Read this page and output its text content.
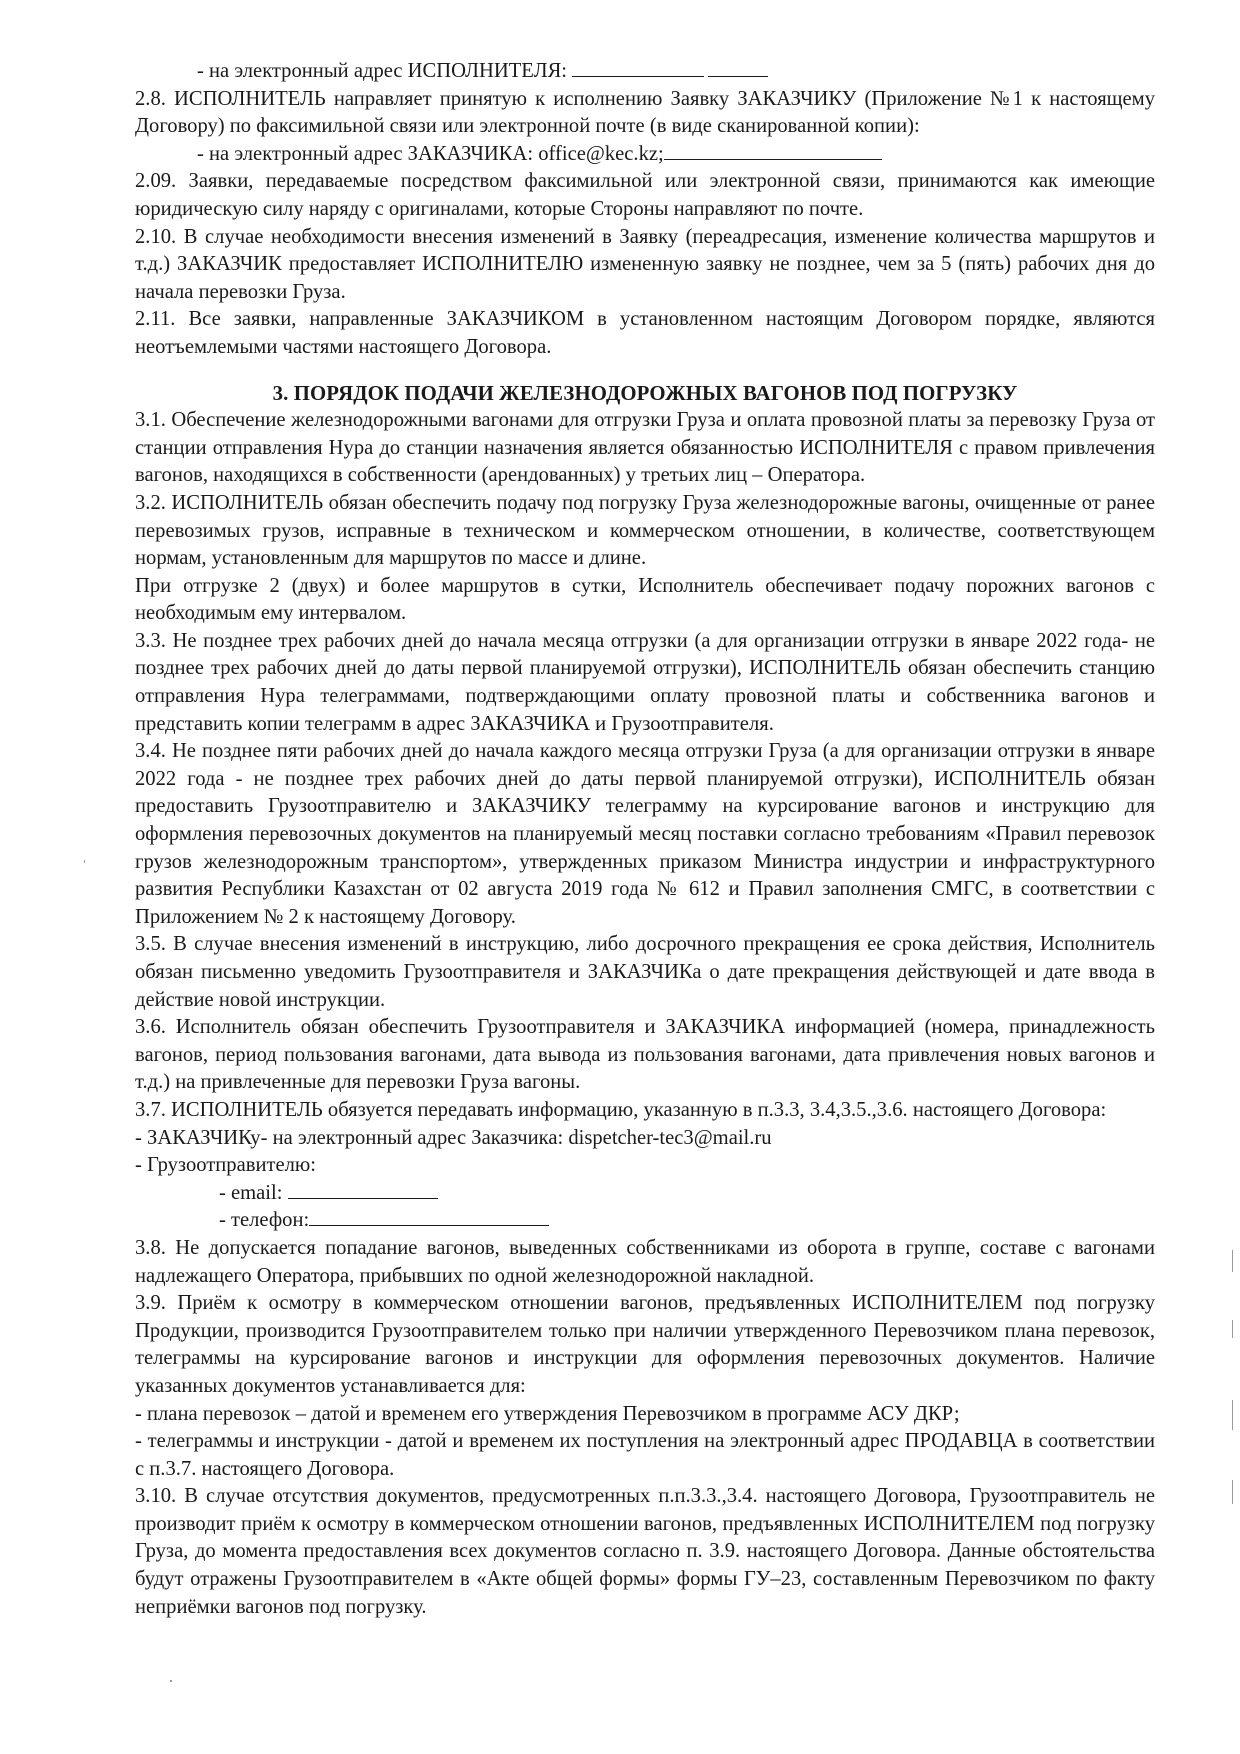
- на электронный адрес ИСПОЛНИТЕЛЯ:

2.8. ИСПОЛНИТЕЛЬ направляет принятую к исполнению Заявку ЗАКАЗЧИКУ (Приложение №1 к настоящему Договору) по факсимильной связи или электронной почте (в виде сканированной копии):

- на электронный адрес ЗАКАЗЧИКА: office@kec.kz;

2.09. Заявки, передаваемые посредством факсимильной или электронной связи, принимаются как имеющие юридическую силу наряду с оригиналами, которые Стороны направляют по почте.

2.10. В случае необходимости внесения изменений в Заявку (переадресация, изменение количества маршрутов и т.д.) ЗАКАЗЧИК предоставляет ИСПОЛНИТЕЛЮ измененную заявку не позднее, чем за 5 (пять) рабочих дня до начала перевозки Груза.

2.11. Все заявки, направленные ЗАКАЗЧИКОМ в установленном настоящим Договором порядке, являются неотъемлемыми частями настоящего Договора.

3. ПОРЯДОК ПОДАЧИ ЖЕЛЕЗНОДОРОЖНЫХ ВАГОНОВ ПОД ПОГРУЗКУ

3.1. Обеспечение железнодорожными вагонами для отгрузки Груза и оплата провозной платы за перевозку Груза от станции отправления Нура до станции назначения является обязанностью ИСПОЛНИТЕЛЯ с правом привлечения вагонов, находящихся в собственности (арендованных) у третьих лиц – Оператора.

3.2. ИСПОЛНИТЕЛЬ обязан обеспечить подачу под погрузку Груза железнодорожные вагоны, очищенные от ранее перевозимых грузов, исправные в техническом и коммерческом отношении, в количестве, соответствующем нормам, установленным для маршрутов по массе и длине.

При отгрузке 2 (двух) и более маршрутов в сутки, Исполнитель обеспечивает подачу порожних вагонов с необходимым ему интервалом.

3.3. Не позднее трех рабочих дней до начала месяца отгрузки (а для организации отгрузки в январе 2022 года- не позднее трех рабочих дней до даты первой планируемой отгрузки), ИСПОЛНИТЕЛЬ обязан обеспечить станцию отправления Нура телеграммами, подтверждающими оплату провозной платы и собственника вагонов и представить копии телеграмм в адрес ЗАКАЗЧИКА и Грузоотправителя.

3.4. Не позднее пяти рабочих дней до начала каждого месяца отгрузки Груза (а для организации отгрузки в январе 2022 года - не позднее трех рабочих дней до даты первой планируемой отгрузки), ИСПОЛНИТЕЛЬ обязан предоставить Грузоотправителю и ЗАКАЗЧИКУ телеграмму на курсирование вагонов и инструкцию для оформления перевозочных документов на планируемый месяц поставки согласно требованиям «Правил перевозок грузов железнодорожным транспортом», утвержденных приказом Министра индустрии и инфраструктурного развития Республики Казахстан от 02 августа 2019 года № 612 и Правил заполнения СМГС, в соответствии с Приложением № 2 к настоящему Договору.

3.5. В случае внесения изменений в инструкцию, либо досрочного прекращения ее срока действия, Исполнитель обязан письменно уведомить Грузоотправителя и ЗАКАЗЧИКа о дате прекращения действующей и дате ввода в действие новой инструкции.

3.6. Исполнитель обязан обеспечить Грузоотправителя и ЗАКАЗЧИКА информацией (номера, принадлежность вагонов, период пользования вагонами, дата вывода из пользования вагонами, дата привлечения новых вагонов и т.д.) на привлеченные для перевозки Груза вагоны.

3.7. ИСПОЛНИТЕЛЬ обязуется передавать информацию, указанную в п.3.3, 3.4,3.5.,3.6. настоящего Договора:

- ЗАКАЗЧИКу- на электронный адрес Заказчика: dispetcher-tec3@mail.ru

- Грузоотправителю:

- email:

- телефон:

3.8. Не допускается попадание вагонов, выведенных собственниками из оборота в группе, составе с вагонами надлежащего Оператора, прибывших по одной железнодорожной накладной.

3.9. Приём к осмотру в коммерческом отношении вагонов, предъявленных ИСПОЛНИТЕЛЕМ под погрузку Продукции, производится Грузоотправителем только при наличии утвержденного Перевозчиком плана перевозок, телеграммы на курсирование вагонов и инструкции для оформления перевозочных документов. Наличие указанных документов устанавливается для:

- плана перевозок – датой и временем его утверждения Перевозчиком в программе АСУ ДКР;

- телеграммы и инструкции - датой и временем их поступления на электронный адрес ПРОДАВЦА в соответствии с п.3.7. настоящего Договора.

3.10. В случае отсутствия документов, предусмотренных п.п.3.3.,3.4. настоящего Договора, Грузоотправитель не производит приём к осмотру в коммерческом отношении вагонов, предъявленных ИСПОЛНИТЕЛЕМ под погрузку Груза, до момента предоставления всех документов согласно п. 3.9. настоящего Договора. Данные обстоятельства будут отражены Грузоотправителем в «Акте общей формы» формы ГУ–23, составленным Перевозчиком по факту неприёмки вагонов под погрузку.
